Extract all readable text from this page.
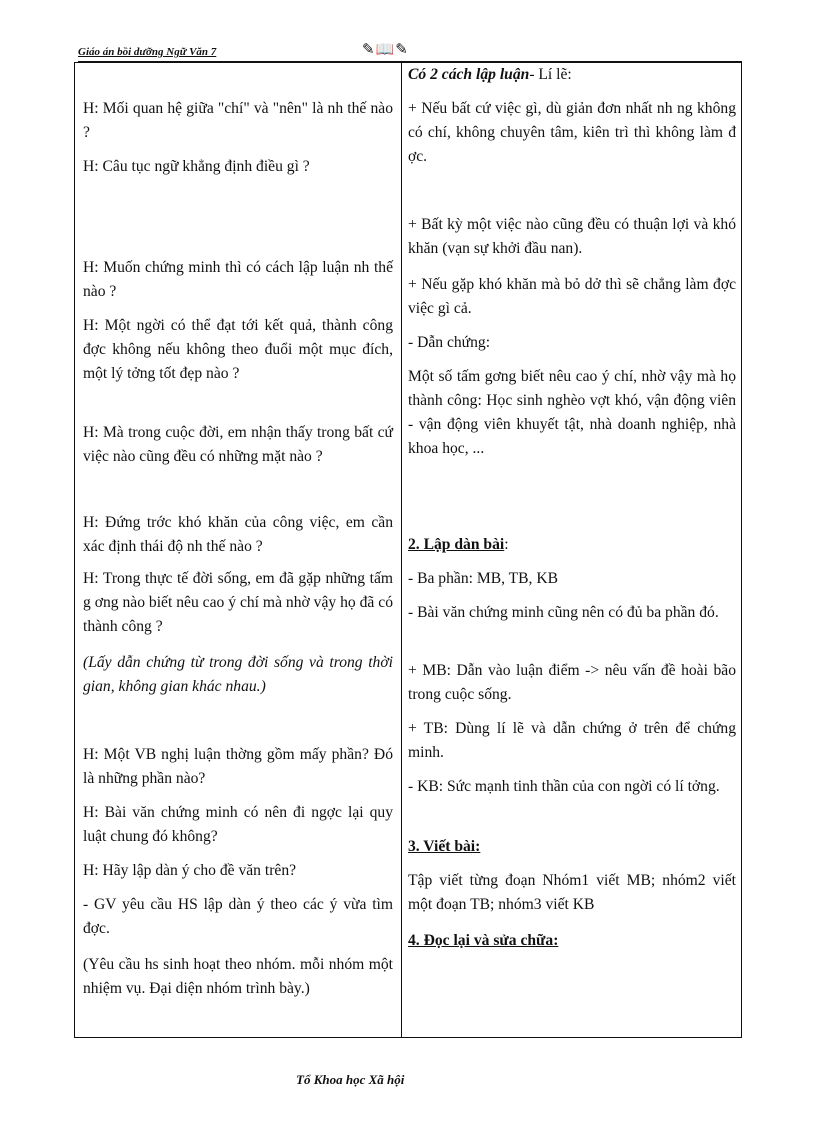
Giáo án bồi dưỡng Ngữ Văn 7	✎📖✎

H: Mối quan hệ giữa "chí" và "nên" là nh thế nào ?

H: Câu tục ngữ khẳng định điều gì ?

H: Muốn chứng minh thì có cách lập luận nh thế nào ?

H: Một ngời có thể đạt tới kết quả, thành công đợc không nếu không theo đuổi một mục đích, một lý tởng tốt đẹp nào ?

H: Mà trong cuộc đời, em nhận thấy trong bất cứ việc nào cũng đều có những mặt nào ?

H: Đứng trớc khó khăn của công việc, em cần xác định thái độ nh thế nào ?

H: Trong thực tế đời sống, em đã gặp những tấm g ơng nào biết nêu cao ý chí mà nhờ vậy họ đã có thành công ?

(Lấy dẫn chứng từ trong đời sống và trong thời gian, không gian khác nhau.)

H: Một VB nghị luận thờng gồm mấy phần? Đó là những phần nào?

H: Bài văn chứng minh có nên đi ngợc lại quy luật chung đó không?

H: Hãy lập dàn ý cho đề văn trên?

- GV yêu cầu HS lập dàn ý theo các ý vừa tìm đợc.

(Yêu cầu hs sinh hoạt theo nhóm. mỗi nhóm một nhiệm vụ. Đại diện nhóm trình bày.)

Có 2 cách lập luận- Lí lẽ:

+ Nếu bất cứ việc gì, dù giản đơn nhất nh ng không có chí, không chuyên tâm, kiên trì thì không làm đ ợc.

+ Bất kỳ một việc nào cũng đều có thuận lợi và khó khăn (vạn sự khởi đầu nan).

+ Nếu gặp khó khăn mà bỏ dở thì sẽ chẳng làm đợc việc gì cả.

- Dẫn chứng:

Một số tấm gơng biết nêu cao ý chí, nhờ vậy mà họ thành công: Học sinh nghèo vợt khó, vận động viên - vận động viên khuyết tật, nhà doanh nghiệp, nhà khoa học, ...

2. Lập dàn bài:

- Ba phần: MB, TB, KB

- Bài văn chứng minh cũng nên có đủ ba phần đó.

+ MB: Dẫn vào luận điểm -> nêu vấn đề hoài bão trong cuộc sống.

+ TB: Dùng lí lẽ và dẫn chứng ở trên để chứng minh.

- KB: Sức mạnh tinh thần của con ngời có lí tởng.

3. Viết bài:

Tập viết từng đoạn Nhóm1 viết MB; nhóm2 viết một đoạn TB; nhóm3 viết KB

4. Đọc lại và sửa chữa:

Tổ Khoa học Xã hội
